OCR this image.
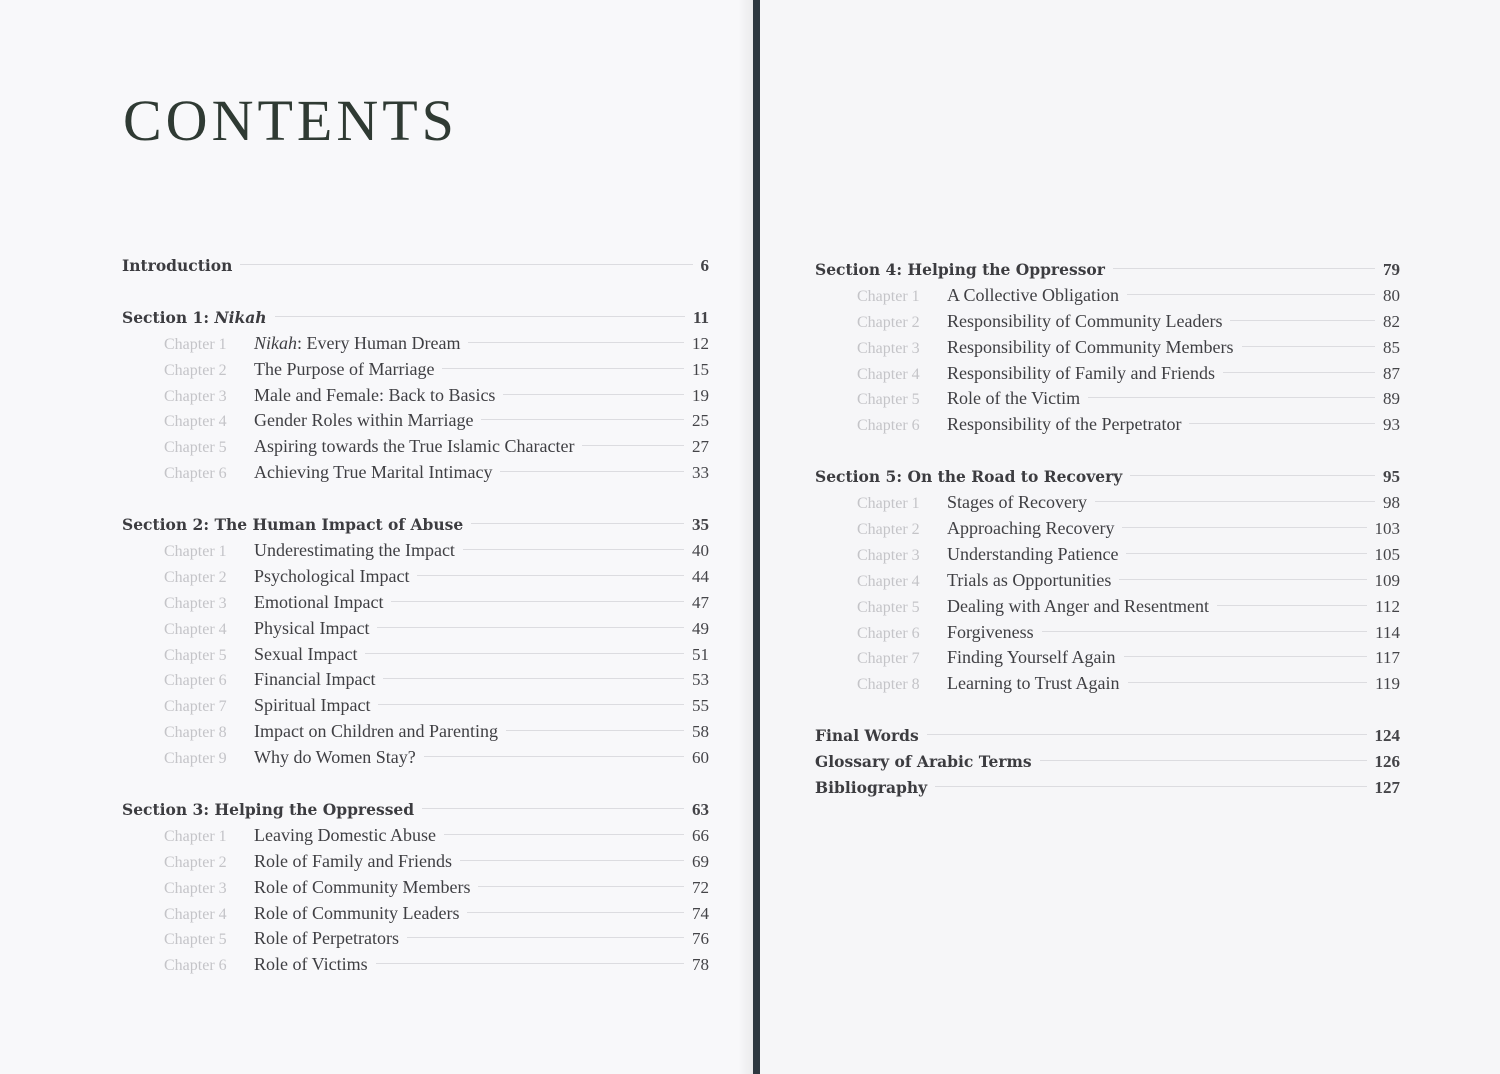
CONTENTS
Introduction	6
Section 1: Nikah	11
Chapter 1	Nikah: Every Human Dream	12
Chapter 2	The Purpose of Marriage	15
Chapter 3	Male and Female: Back to Basics	19
Chapter 4	Gender Roles within Marriage	25
Chapter 5	Aspiring towards the True Islamic Character	27
Chapter 6	Achieving True Marital Intimacy	33
Section 2: The Human Impact of Abuse	35
Chapter 1	Underestimating the Impact	40
Chapter 2	Psychological Impact	44
Chapter 3	Emotional Impact	47
Chapter 4	Physical Impact	49
Chapter 5	Sexual Impact	51
Chapter 6	Financial Impact	53
Chapter 7	Spiritual Impact	55
Chapter 8	Impact on Children and Parenting	58
Chapter 9	Why do Women Stay?	60
Section 3: Helping the Oppressed	63
Chapter 1	Leaving Domestic Abuse	66
Chapter 2	Role of Family and Friends	69
Chapter 3	Role of Community Members	72
Chapter 4	Role of Community Leaders	74
Chapter 5	Role of Perpetrators	76
Chapter 6	Role of Victims	78
Section 4: Helping the Oppressor	79
Chapter 1	A Collective Obligation	80
Chapter 2	Responsibility of Community Leaders	82
Chapter 3	Responsibility of Community Members	85
Chapter 4	Responsibility of Family and Friends	87
Chapter 5	Role of the Victim	89
Chapter 6	Responsibility of the Perpetrator	93
Section 5: On the Road to Recovery	95
Chapter 1	Stages of Recovery	98
Chapter 2	Approaching Recovery	103
Chapter 3	Understanding Patience	105
Chapter 4	Trials as Opportunities	109
Chapter 5	Dealing with Anger and Resentment	112
Chapter 6	Forgiveness	114
Chapter 7	Finding Yourself Again	117
Chapter 8	Learning to Trust Again	119
Final Words	124
Glossary of Arabic Terms	126
Bibliography	127
